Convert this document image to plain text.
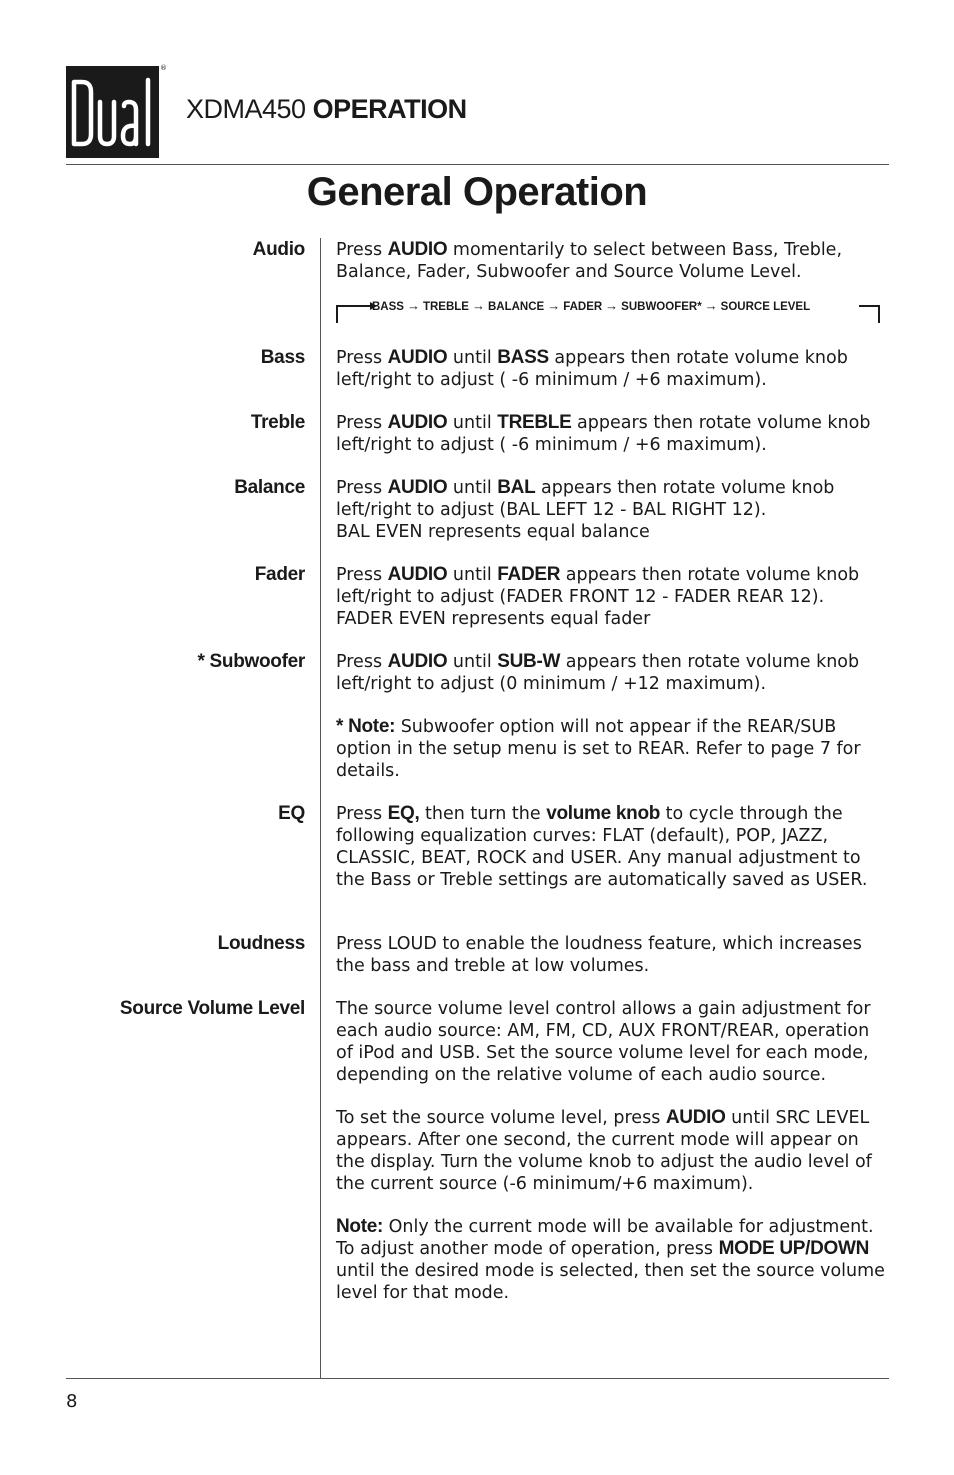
®
XDMA450 OPERATION
General Operation
Audio Press AUDIO momentarily to select between Bass, Treble, Balance, Fader, Subwoofer and Source Volume Level.

BASS → TREBLE → BALANCE → FADER → SUBWOOFER* → SOURCE LEVEL
Bass Press AUDIO until BASS appears then rotate volume knob left/right to adjust ( -6 minimum / +6 maximum).

Treble Press AUDIO until TREBLE appears then rotate volume knob left/right to adjust ( -6 minimum / +6 maximum).

Balance Press AUDIO until BAL appears then rotate volume knob left/right to adjust (BAL LEFT 12 - BAL RIGHT 12).

BAL EVEN represents equal balance

Fader Press AUDIO until FADER appears then rotate volume knob left/right to adjust (FADER FRONT 12 - FADER REAR 12).

FADER EVEN represents equal fader

* Subwoofer Press AUDIO until SUB-W appears then rotate volume knob left/right to adjust (0 minimum / +12 maximum).

* Note: Subwoofer option will not appear if the REAR/SUB option in the setup menu is set to REAR. Refer to page 7 for details.

EQ Press EQ, then turn the volume knob to cycle through the following equalization curves: FLAT (default), POP, JAZZ, CLASSIC, BEAT, ROCK and USER. Any manual adjustment to the Bass or Treble settings are automatically saved as USER.

Loudness Press LOUD to enable the loudness feature, which increases the bass and treble at low volumes.

Source Volume Level The source volume level control allows a gain adjustment for each audio source: AM, FM, CD, AUX FRONT/REAR, operation of iPod and USB. Set the source volume level for each mode, depending on the relative volume of each audio source.

To set the source volume level, press AUDIO until SRC LEVEL appears. After one second, the current mode will appear on the display. Turn the volume knob to adjust the audio level of the current source (-6 minimum/+6 maximum).

Note: Only the current mode will be available for adjustment. To adjust another mode of operation, press MODE UP/DOWN until the desired mode is selected, then set the source volume level for that mode.

8
